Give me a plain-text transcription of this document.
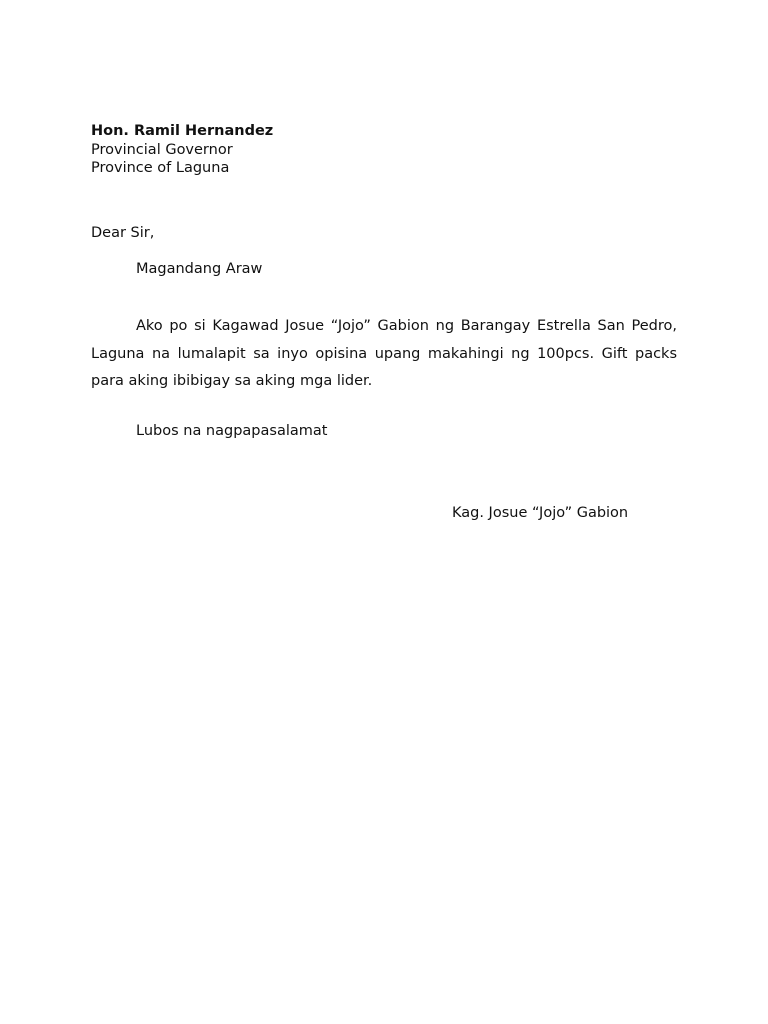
Hon. Ramil Hernandez
Provincial Governor
Province of Laguna
Dear Sir,
Magandang Araw

Ako po si Kagawad Josue “Jojo” Gabion ng Barangay Estrella San Pedro, Laguna na lumalapit sa inyo opisina upang makahingi ng 100pcs. Gift packs para aking ibibigay sa aking mga lider.

Lubos na nagpapasalamat
Kag. Josue “Jojo” Gabion
